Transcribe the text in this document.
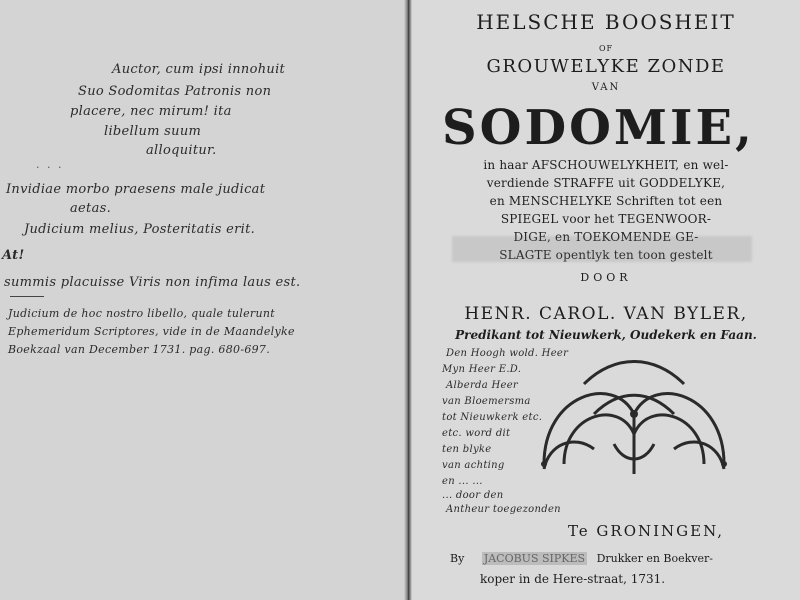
Auctor, cum ipsi innohuit
Suo Sodomitas Patronis non
placere, nec mirum! ita
libellum suum
alloquitur.
. . .
Invidiae morbo praesens male judicat
aetas.
Judicium melius, Posteritatis erit.
At!
summis placuisse Viris non infima laus est.
Judicium de hoc nostro libello, quale tulerunt
Ephemeridum Scriptores, vide in de Maandelyke
Boekzaal van December 1731. pag. 680-697.
HELSCHE BOOSHEIT
OF
GROUWELYKE ZONDE
VAN
SODOMIE,
in haar AFSCHOUWELYKHEIT, en wel-
verdiende STRAFFE uit GODDELYKE,
en MENSCHELYKE Schriften tot een
SPIEGEL voor het TEGENWOOR-
DIGE, en TOEKOMENDE GE-
SLAGTE opentlyk ten toon gestelt
DOOR
HENR. CAROL. VAN BYLER,
Predikant tot Nieuwkerk, Oudekerk en Faan.
Den Hoogh wold. Heer
Myn Heer E.D.
Alberda Heer
van Bloemersma
tot Nieuwkerk etc.
etc. word dit
ten blyke
van achting
en ... ...
... door den
Antheur toegezonden
Te GRONINGEN,
By JACOBUS SIPKES Drukker en Boekver-
koper in de Here-straat, 1731.
